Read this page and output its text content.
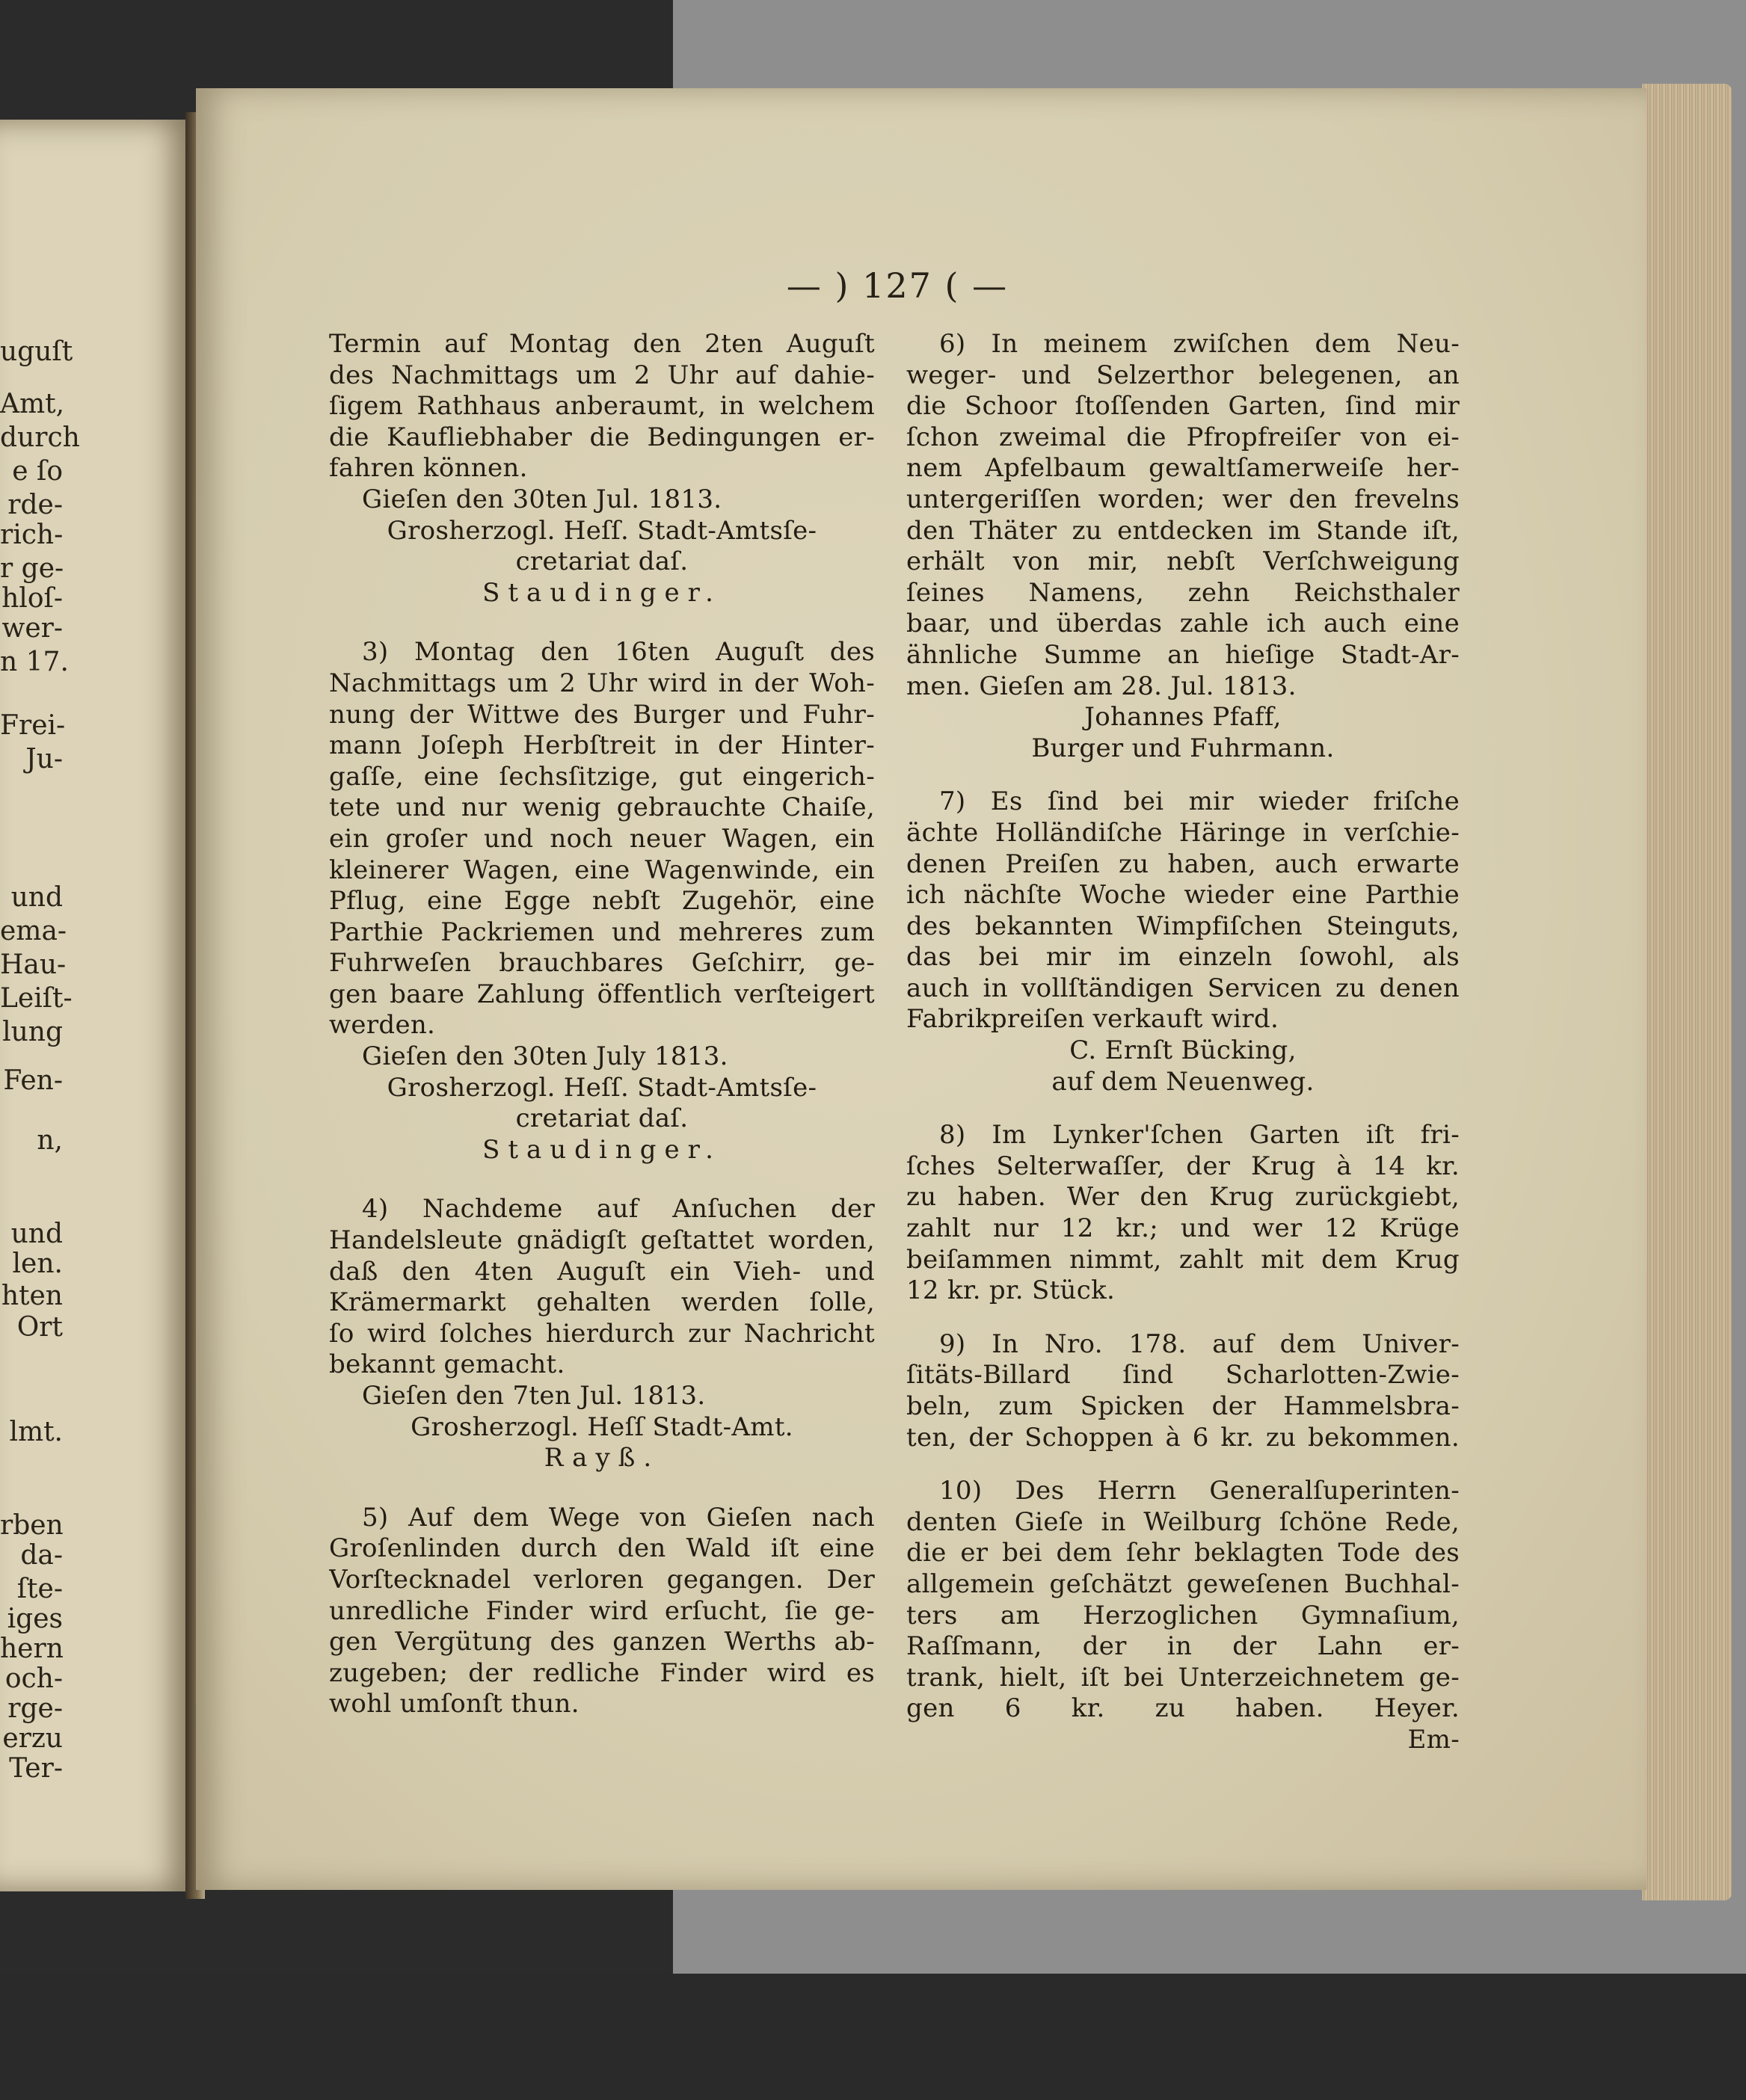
uguſt
Amt,
durch
e ſo
rde‑
rich‑
r ge‑
hloſ‑
wer‑
n 17.
Frei‑
Ju‑
und
ema‑
Hau‑
Leiſt‑
lung
Fen‑
n,
und
len.
hten
Ort
lmt.
rben
da‑
ſte‑
iges
hern
och‑
rge‑
erzu
Ter‑
— ) 127 ( —
Termin auf Montag den 2ten Auguſt
des Nachmittags um 2 Uhr auf dahie‑
ſigem Rathhaus anberaumt, in welchem
die Kaufliebhaber die Bedingungen er‑
fahren können.
Gieſen den 30ten Jul. 1813.
Grosherzogl. Heſſ. Stadt‑Amtsſe‑
cretariat daſ.
Staudinger.
3) Montag den 16ten Auguſt des
Nachmittags um 2 Uhr wird in der Woh‑
nung der Wittwe des Burger und Fuhr‑
mann Joſeph Herbſtreit in der Hinter‑
gaſſe, eine ſechsſitzige, gut eingerich‑
tete und nur wenig gebrauchte Chaiſe,
ein groſer und noch neuer Wagen, ein
kleinerer Wagen, eine Wagenwinde, ein
Pflug, eine Egge nebſt Zugehör, eine
Parthie Packriemen und mehreres zum
Fuhrweſen brauchbares Geſchirr, ge‑
gen baare Zahlung öffentlich verſteigert
werden.
Gieſen den 30ten July 1813.
Grosherzogl. Heſſ. Stadt‑Amtsſe‑
cretariat daſ.
Staudinger.
4) Nachdeme auf Anſuchen der
Handelsleute gnädigſt geſtattet worden,
daß den 4ten Auguſt ein Vieh‑ und
Krämermarkt gehalten werden ſolle,
ſo wird ſolches hierdurch zur Nachricht
bekannt gemacht.
Gieſen den 7ten Jul. 1813.
Grosherzogl. Heſſ Stadt‑Amt.
Rayß.
5) Auf dem Wege von Gieſen nach
Groſenlinden durch den Wald iſt eine
Vorſtecknadel verloren gegangen. Der
unredliche Finder wird erſucht, ſie ge‑
gen Vergütung des ganzen Werths ab‑
zugeben; der redliche Finder wird es
wohl umſonſt thun.
6) In meinem zwiſchen dem Neu‑
weger‑ und Selzerthor belegenen, an
die Schoor ſtoſſenden Garten, ſind mir
ſchon zweimal die Pfropfreiſer von ei‑
nem Apfelbaum gewaltſamerweiſe her‑
untergeriſſen worden; wer den frevelns
den Thäter zu entdecken im Stande iſt,
erhält von mir, nebſt Verſchweigung
ſeines Namens, zehn Reichsthaler
baar, und überdas zahle ich auch eine
ähnliche Summe an hieſige Stadt‑Ar‑
men. Gieſen am 28. Jul. 1813.
Johannes Pfaff,
Burger und Fuhrmann.
7) Es ſind bei mir wieder friſche
ächte Holländiſche Häringe in verſchie‑
denen Preiſen zu haben, auch erwarte
ich nächſte Woche wieder eine Parthie
des bekannten Wimpfiſchen Steinguts,
das bei mir im einzeln ſowohl, als
auch in vollſtändigen Servicen zu denen
Fabrikpreiſen verkauft wird.
C. Ernſt Bücking,
auf dem Neuenweg.
8) Im Lynker'ſchen Garten iſt fri‑
ſches Selterwaſſer, der Krug à 14 kr.
zu haben. Wer den Krug zurückgiebt,
zahlt nur 12 kr.; und wer 12 Krüge
beiſammen nimmt, zahlt mit dem Krug
12 kr. pr. Stück.
9) In Nro. 178. auf dem Univer‑
ſitäts‑Billard ſind Scharlotten‑Zwie‑
beln, zum Spicken der Hammelsbra‑
ten, der Schoppen à 6 kr. zu bekommen.
10) Des Herrn Generalſuperinten‑
denten Gieſe in Weilburg ſchöne Rede,
die er bei dem ſehr beklagten Tode des
allgemein geſchätzt geweſenen Buchhal‑
ters am Herzoglichen Gymnaſium,
Raſſmann, der in der Lahn er‑
trank, hielt, iſt bei Unterzeichnetem ge‑
gen 6 kr. zu haben. Heyer.
Em‑
